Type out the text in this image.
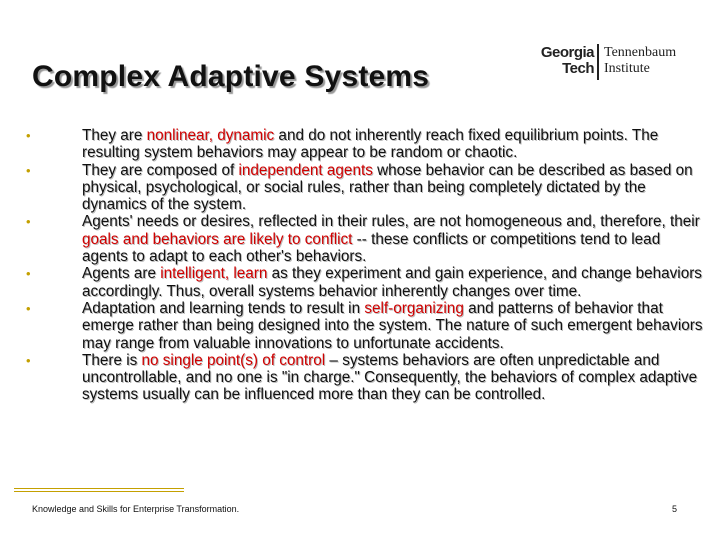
Complex Adaptive Systems
Georgia
Tech
Tennenbaum
Institute
•	They are nonlinear, dynamic and do not inherently reach fixed equilibrium points. The resulting system behaviors may appear to be random or chaotic.
•	They are composed of independent agents whose behavior can be described as based on physical, psychological, or social rules, rather than being completely dictated by the dynamics of the system.
•	Agents' needs or desires, reflected in their rules, are not homogeneous and, therefore, their goals and behaviors are likely to conflict -- these conflicts or competitions tend to lead agents to adapt to each other's behaviors.
•	Agents are intelligent, learn as they experiment and gain experience, and change behaviors accordingly. Thus, overall systems behavior inherently changes over time.
•	Adaptation and learning tends to result in self-organizing and patterns of behavior that emerge rather than being designed into the system. The nature of such emergent behaviors may range from valuable innovations to unfortunate accidents.
•	There is no single point(s) of control – systems behaviors are often unpredictable and uncontrollable, and no one is "in charge." Consequently, the behaviors of complex adaptive systems usually can be influenced more than they can be controlled.
Knowledge and Skills for Enterprise Transformation.	5
